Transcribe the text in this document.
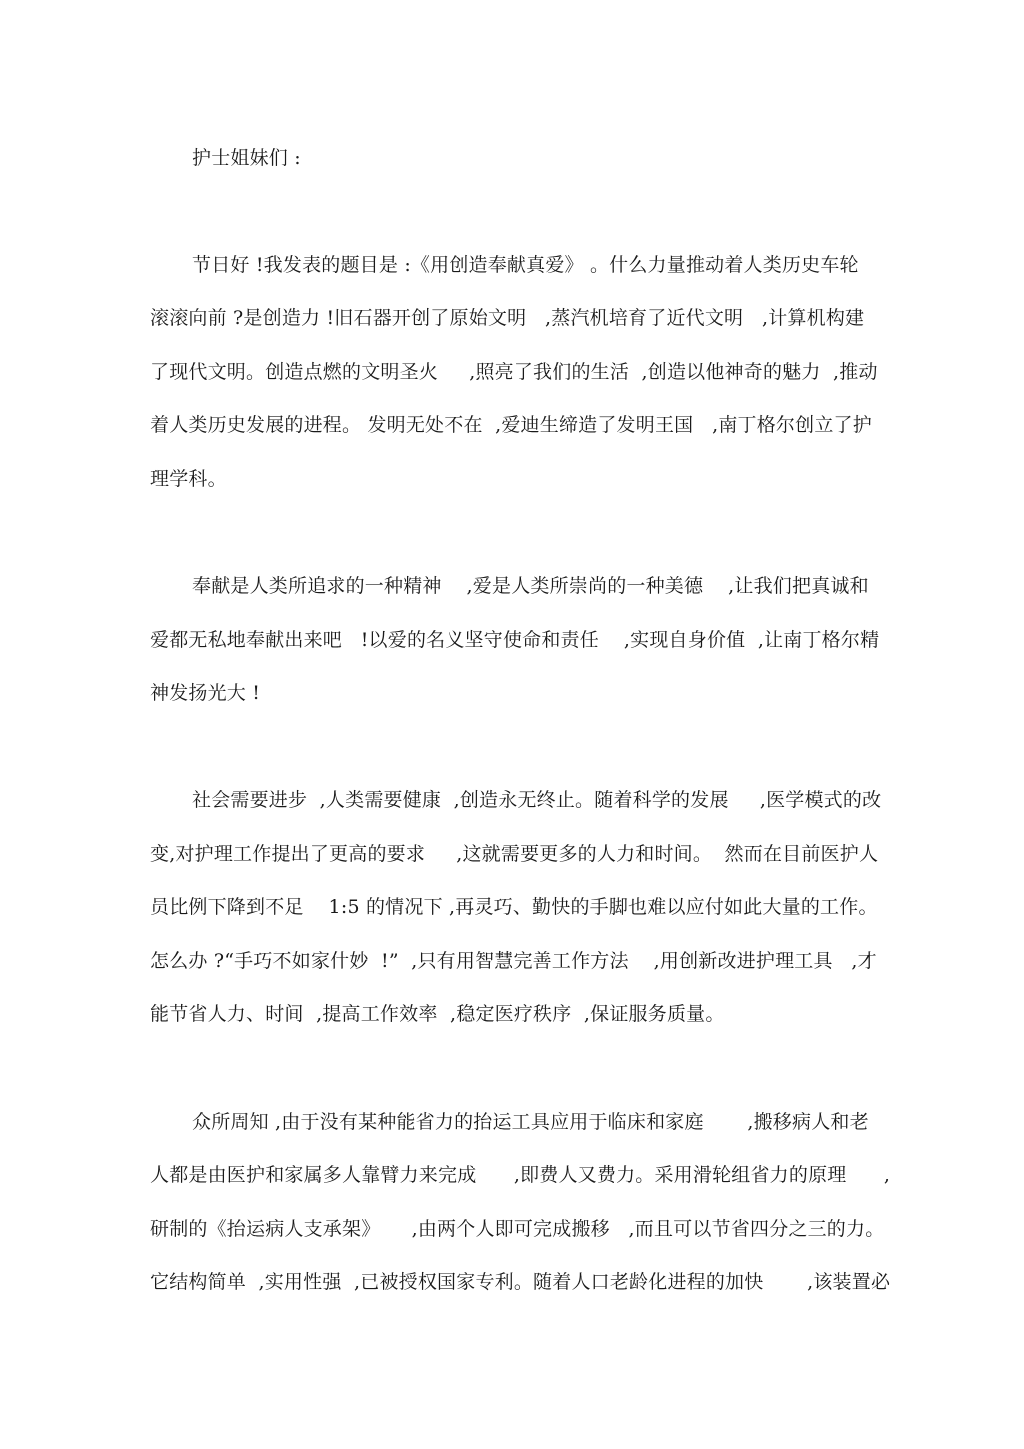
护士姐妹们 :
节日好 !我发表的题目是 :《用创造奉献真爱》 。什么力量推动着人类历史车轮
滚滚向前 ?是创造力 !旧石器开创了原始文明   ,蒸汽机培育了近代文明   ,计算机构建
了现代文明。创造点燃的文明圣火     ,照亮了我们的生活  ,创造以他神奇的魅力  ,推动
着人类历史发展的进程。 发明无处不在  ,爱迪生缔造了发明王国   ,南丁格尔创立了护
理学科。
奉献是人类所追求的一种精神    ,爱是人类所崇尚的一种美德    ,让我们把真诚和
爱都无私地奉献出来吧   !以爱的名义坚守使命和责任    ,实现自身价值  ,让南丁格尔精
神发扬光大 !
社会需要进步  ,人类需要健康  ,创造永无终止。随着科学的发展     ,医学模式的改
变,对护理工作提出了更高的要求     ,这就需要更多的人力和时间。  然而在目前医护人
员比例下降到不足    1:5 的情况下 ,再灵巧、勤快的手脚也难以应付如此大量的工作。
怎么办 ?“手巧不如家什妙  !”  ,只有用智慧完善工作方法    ,用创新改进护理工具   ,才
能节省人力、时间  ,提高工作效率  ,稳定医疗秩序  ,保证服务质量。
众所周知 ,由于没有某种能省力的抬运工具应用于临床和家庭       ,搬移病人和老
人都是由医护和家属多人靠臂力来完成      ,即费人又费力。采用滑轮组省力的原理      ,
研制的《抬运病人支承架》     ,由两个人即可完成搬移   ,而且可以节省四分之三的力。
它结构简单  ,实用性强  ,已被授权国家专利。随着人口老龄化进程的加快       ,该装置必
